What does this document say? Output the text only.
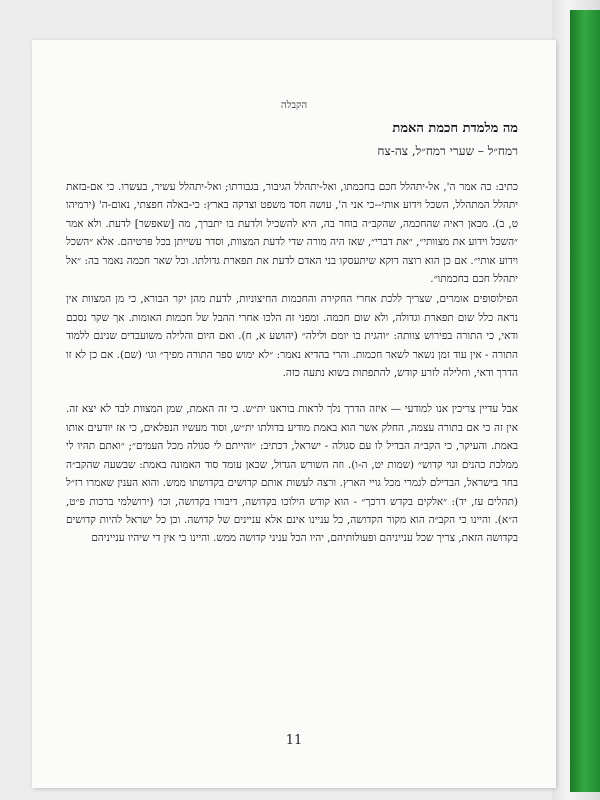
הקבלה
מה מלמדת חכמת האמת
רמח״ל – שערי רמח״ל, צה-צח

כתיב: כה אמר ה', אל-יתהלל חכם בחכמתו, ואל-יתהלל הגיבור, בגבורתו; ואל-יתהלל עשיר, בעשרו. כי אם-בזאת יתהלל המתהלל, השכל וידוע אותי--כי אני ה', עושה חסד משפט וצדקה בארץ: כי-באלה חפצתי, נאום-ה' (ירמיהו ט, ב). מכאן ראיה שהחכמה, שהקב״ה בוחר בה, היא להשכיל ולדעת בו יתברך, מה [שאפשר] לדעת. ולא אמר ״השכל וידוע את מצוותי״, ״את דברי״, שאז היה מורה שדי לדעת המצוות, וסדר עשייתן בכל פרטיהם. אלא ״השכל וידוע אותי״. אם כן הוא רוצה דוקא שיתעסקו בני האדם לדעת את תפארת גדולתו. וכל שאר חכמה נאמר בה: ״אל יתהלל חכם בחכמתו״.

הפילוסופים אומרים, שצריך ללכת אחרי החקירה והחכמות החיצוניות, לדעת מהן יקר הבורא, כי מן המצוות אין נראה כלל שום תפארת וגדולה, ולא שום חכמה. ומפני זה הלכו אחרי ההבל של חכמות האומות. אך שקר נסכם ודאי, כי התורה בפירוש צוותה: ״והגית בו יומם ולילה״ (יהושע א, ח). ואם היום והלילה משועבדים שנינם ללמוד התורה - אין עוד זמן נשאר לשאר חכמות. והרי בהדיא נאמר: ״לא ימוש ספר התורה מפיך״ וגו׳ (שם). אם כן לא זו הדרך ודאי, וחלילה לזרע קודש, להתפתות בשוא נתעה כזה.

אבל עדיין צריכין אנו למודעי — איזה הדרך נלך לראות בוראנו ית״ש. כי זה האמת, שמן המצוות לבד לא יצא זה. אין זה כי אם בתורה עצמה, החלק אשר הוא באמת מודיע בדולתו ית״ש, וסוד מעשיו הנפלאים, כי אז יודעים אותו באמת. והעיקר, כי הקב״ה הבדיל לו עם סגולה - ישראל, דכתיב: ״והייתם לי סגולה מכל העמים״; ״ואתם תהיו לי ממלכת כהנים וגוי קדוש״ (שמות יט, ה-ו). וזה השורש הגדול, שכאן עומד סוד האמונה באמת: שבשעה שהקב״ה בחר בישראל, הבדילם לגמרי מכל גויי הארץ. ורצה לעשות אותם קדושים בקדושתו ממש. והוא הענין שאמרו רז״ל (תהלים עז, יד): ״אלקים בקדש דרכך״ - הוא קודש הילוכו בקדושה, דיבורו בקדושה, וכו׳ (ירושלמי ברכות פ״ט, ה״א). והיינו כי הקב״ה הוא מקור הקדושה, כל עניינו אינם אלא עניינים של קדושה. וכן כל ישראל להיות קדושים בקדושה הזאת, צריך שכל ענייניהם ופעולותיהם, יהיו הכל עניני קדושה ממש. והיינו כי אין די שיהיו ענייניהם

11
